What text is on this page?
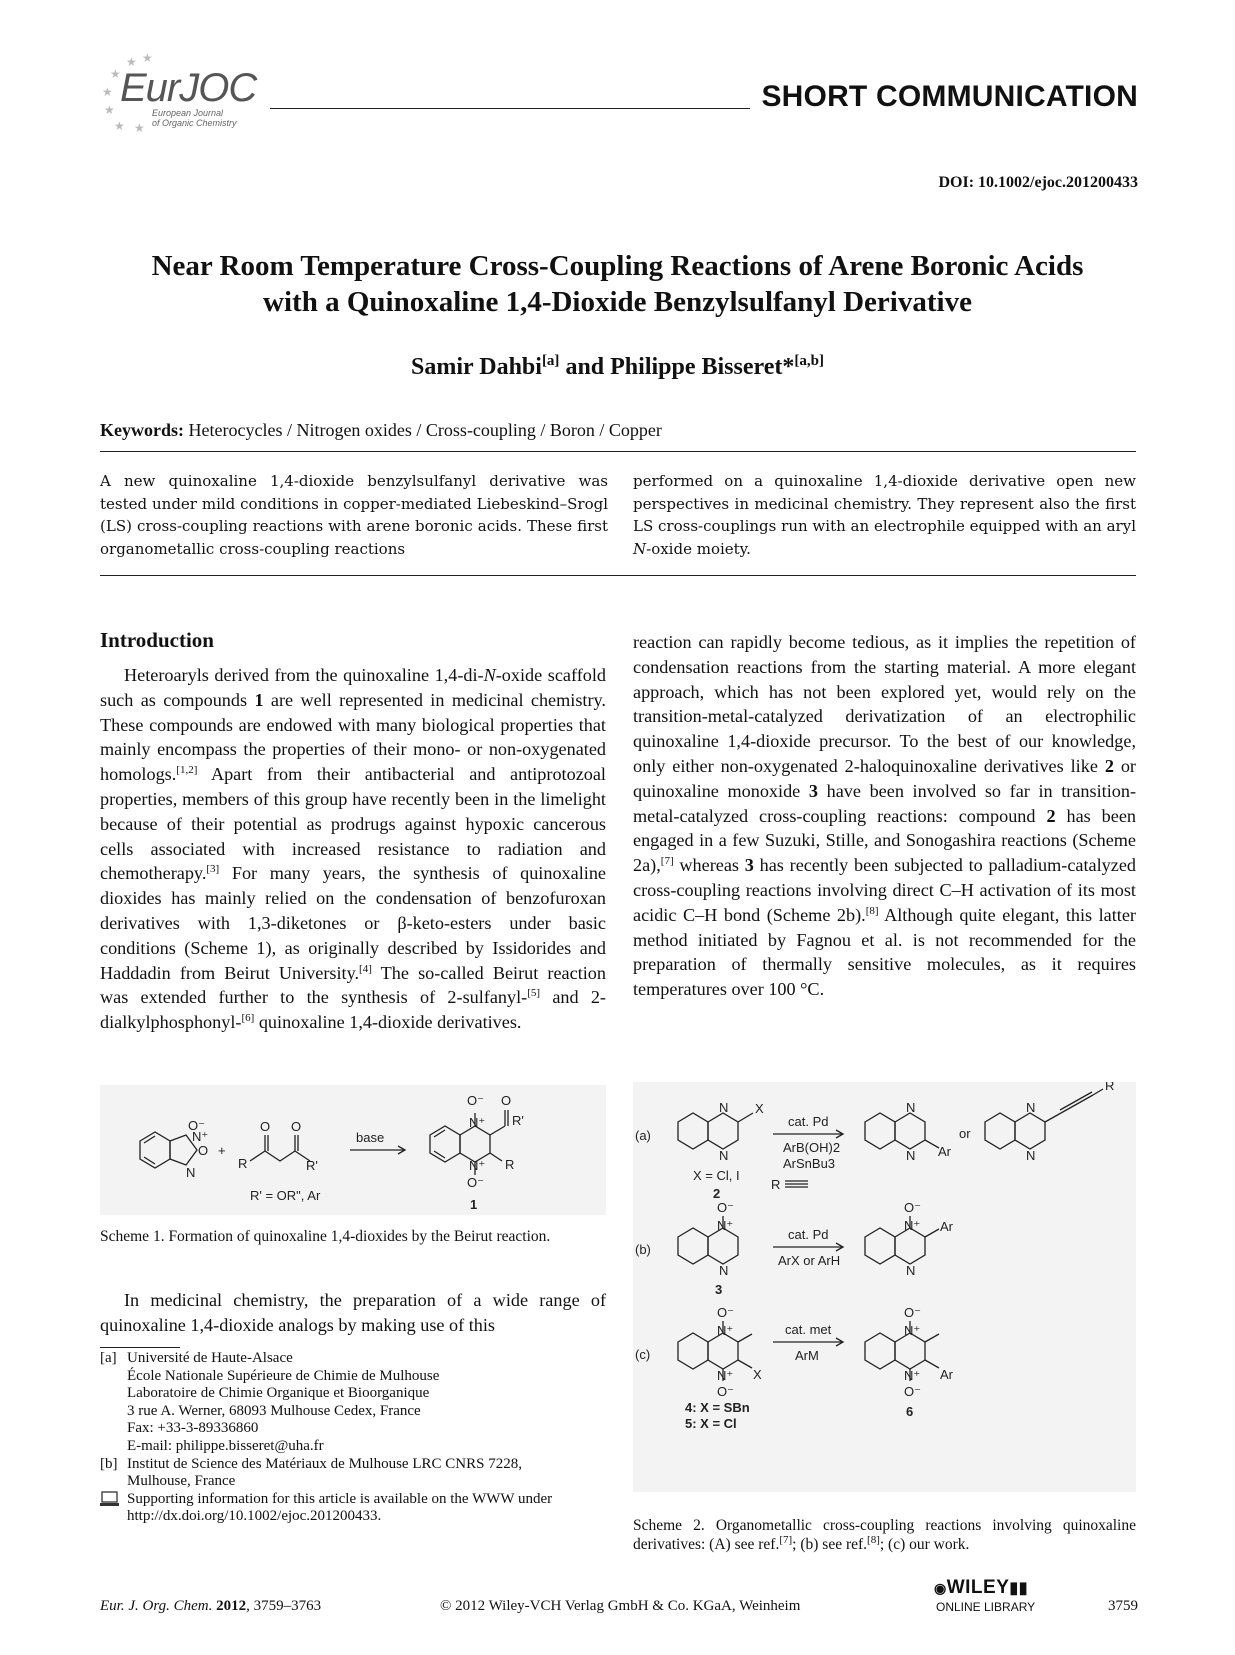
★
★
★
★
★
★
★
EurJOC
European Journal
of Organic Chemistry
SHORT COMMUNICATION
DOI: 10.1002/ejoc.201200433
Near Room Temperature Cross-Coupling Reactions of Arene Boronic Acids
with a Quinoxaline 1,4-Dioxide Benzylsulfanyl Derivative
Samir Dahbi[a] and Philippe Bisseret*[a,b]
Keywords: Heterocycles / Nitrogen oxides / Cross-coupling / Boron / Copper
A new quinoxaline 1,4-dioxide benzylsulfanyl derivative was tested under mild conditions in copper-mediated Liebeskind–Srogl (LS) cross-coupling reactions with arene boronic acids. These first organometallic cross-coupling reactions
performed on a quinoxaline 1,4-dioxide derivative open new perspectives in medicinal chemistry. They represent also the first LS cross-couplings run with an electrophile equipped with an aryl N-oxide moiety.
Introduction

Heteroaryls derived from the quinoxaline 1,4-di-N-oxide scaffold such as compounds 1 are well represented in medicinal chemistry. These compounds are endowed with many biological properties that mainly encompass the properties of their mono- or non-oxygenated homologs.[1,2] Apart from their antibacterial and antiprotozoal properties, members of this group have recently been in the limelight because of their potential as prodrugs against hypoxic cancerous cells associated with increased resistance to radiation and chemotherapy.[3] For many years, the synthesis of quinoxaline dioxides has mainly relied on the condensation of benzofuroxan derivatives with 1,3-diketones or β-keto-esters under basic conditions (Scheme 1), as originally described by Issidorides and Haddadin from Beirut University.[4] The so-called Beirut reaction was extended further to the synthesis of 2-sulfanyl-[5] and 2-dialkylphosphonyl-[6] quinoxaline 1,4-dioxide derivatives.

O⁻
N⁺
O
N
+
R	R'
O O
base
R' = OR", Ar
O⁻
N⁺
N⁺
O⁻
O
R'
R
1
Scheme 1. Formation of quinoxaline 1,4-dioxides by the Beirut reaction.

In medicinal chemistry, the preparation of a wide range of quinoxaline 1,4-dioxide analogs by making use of this

[a] Université de Haute-Alsace
École Nationale Supérieure de Chimie de Mulhouse
Laboratoire de Chimie Organique et Bioorganique
3 rue A. Werner, 68093 Mulhouse Cedex, France
Fax: +33-3-89336860
E-mail: philippe.bisseret@uha.fr
[b] Institut de Science des Matériaux de Mulhouse LRC CNRS 7228,
Mulhouse, France
Supporting information for this article is available on the WWW under http://dx.doi.org/10.1002/ejoc.201200433.

reaction can rapidly become tedious, as it implies the repetition of condensation reactions from the starting material. A more elegant approach, which has not been explored yet, would rely on the transition-metal-catalyzed derivatization of an electrophilic quinoxaline 1,4-dioxide precursor. To the best of our knowledge, only either non-oxygenated 2-haloquinoxaline derivatives like 2 or quinoxaline monoxide 3 have been involved so far in transition-metal-catalyzed cross-coupling reactions: compound 2 has been engaged in a few Suzuki, Stille, and Sonogashira reactions (Scheme 2a),[7] whereas 3 has recently been subjected to palladium-catalyzed cross-coupling reactions involving direct C–H activation of its most acidic C–H bond (Scheme 2b).[8] Although quite elegant, this latter method initiated by Fagnou et al. is not recommended for the preparation of thermally sensitive molecules, as it requires temperatures over 100 °C.

(a)
N
N
X
X = Cl, I
2
cat. Pd
ArB(OH)2
ArSnBu3
R
N
N Ar
or
N
N
R
(b)
O⁻
N⁺
N
3
cat. Pd
ArX or ArH
O⁻
N⁺
N
Ar
(c)
O⁻
N⁺
N⁺
O⁻
X
4: X = SBn
5: X = Cl
cat. met
ArM
O⁻
N⁺
N⁺
O⁻
Ar
6
Scheme 2. Organometallic cross-coupling reactions involving quinoxaline derivatives: (A) see ref.[7]; (b) see ref.[8]; (c) our work.
Eur. J. Org. Chem. 2012, 3759–3763	© 2012 Wiley-VCH Verlag GmbH & Co. KGaA, Weinheim
◉WILEY▮▮
ONLINE LIBRARY	3759
